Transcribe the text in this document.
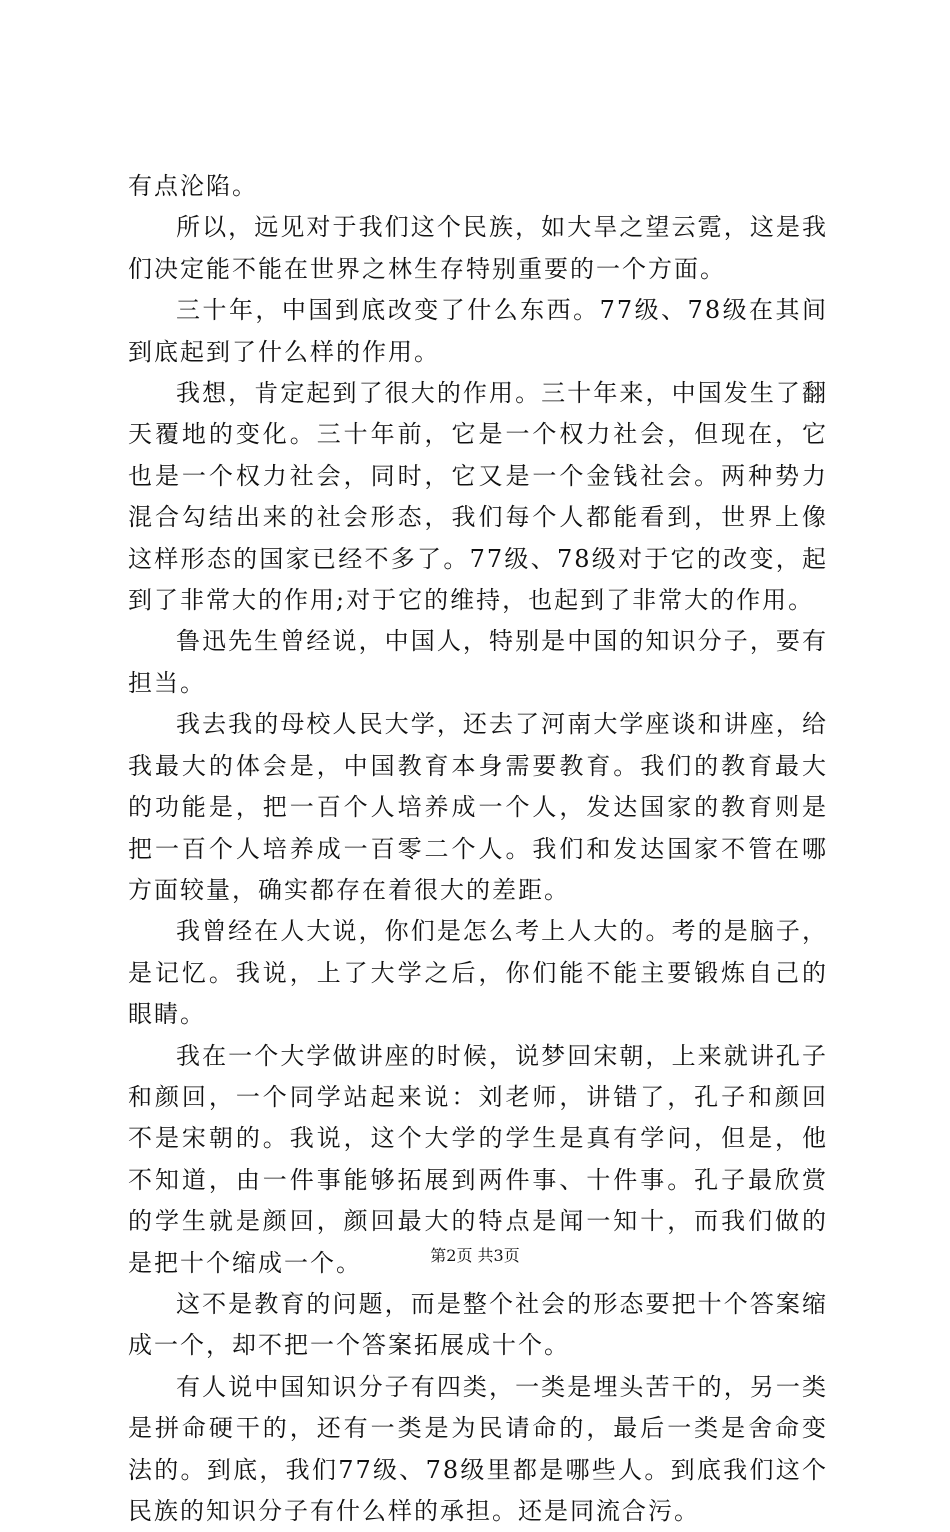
有点沦陷。

所以，远见对于我们这个民族，如大旱之望云霓，这是我们决定能不能在世界之林生存特别重要的一个方面。

三十年，中国到底改变了什么东西。77级、78级在其间到底起到了什么样的作用。

我想，肯定起到了很大的作用。三十年来，中国发生了翻天覆地的变化。三十年前，它是一个权力社会，但现在，它也是一个权力社会，同时，它又是一个金钱社会。两种势力混合勾结出来的社会形态，我们每个人都能看到，世界上像这样形态的国家已经不多了。77级、78级对于它的改变，起到了非常大的作用;对于它的维持，也起到了非常大的作用。

鲁迅先生曾经说，中国人，特别是中国的知识分子，要有担当。

我去我的母校人民大学，还去了河南大学座谈和讲座，给我最大的体会是，中国教育本身需要教育。我们的教育最大的功能是，把一百个人培养成一个人，发达国家的教育则是把一百个人培养成一百零二个人。我们和发达国家不管在哪方面较量，确实都存在着很大的差距。

我曾经在人大说，你们是怎么考上人大的。考的是脑子，是记忆。我说，上了大学之后，你们能不能主要锻炼自己的眼睛。

我在一个大学做讲座的时候，说梦回宋朝，上来就讲孔子和颜回，一个同学站起来说：刘老师，讲错了，孔子和颜回不是宋朝的。我说，这个大学的学生是真有学问，但是，他不知道，由一件事能够拓展到两件事、十件事。孔子最欣赏的学生就是颜回，颜回最大的特点是闻一知十，而我们做的是把十个缩成一个。

这不是教育的问题，而是整个社会的形态要把十个答案缩成一个，却不把一个答案拓展成十个。

有人说中国知识分子有四类，一类是埋头苦干的，另一类是拼命硬干的，还有一类是为民请命的，最后一类是舍命变法的。到底，我们77级、78级里都是哪些人。到底我们这个民族的知识分子有什么样的承担。还是同流合污。

第2页 共3页
